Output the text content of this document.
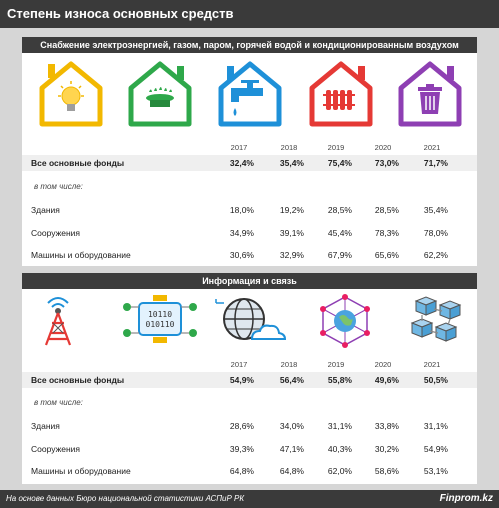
Степень износа основных средств
Снабжение электроэнергией, газом, паром, горячей водой и кондиционированным воздухом
2017	2018	2019	2020	2021
Все основные фонды	32,4%	35,4%	75,4%	73,0%	71,7%
в том числе:
Здания	18,0%	19,2%	28,5%	28,5%	35,4%
Сооружения	34,9%	39,1%	45,4%	78,3%	78,0%
Машины и оборудование	30,6%	32,9%	67,9%	65,6%	62,2%
Информация и связь
10110
010110
2017	2018	2019	2020	2021
Все основные фонды	54,9%	56,4%	55,8%	49,6%	50,5%
в том числе:
Здания	28,6%	34,0%	31,1%	33,8%	31,1%
Сооружения	39,3%	47,1%	40,3%	30,2%	54,9%
Машины и оборудование	64,8%	64,8%	62,0%	58,6%	53,1%
На основе данных Бюро национальной статистики АСПиР РК	Finprom.kz
